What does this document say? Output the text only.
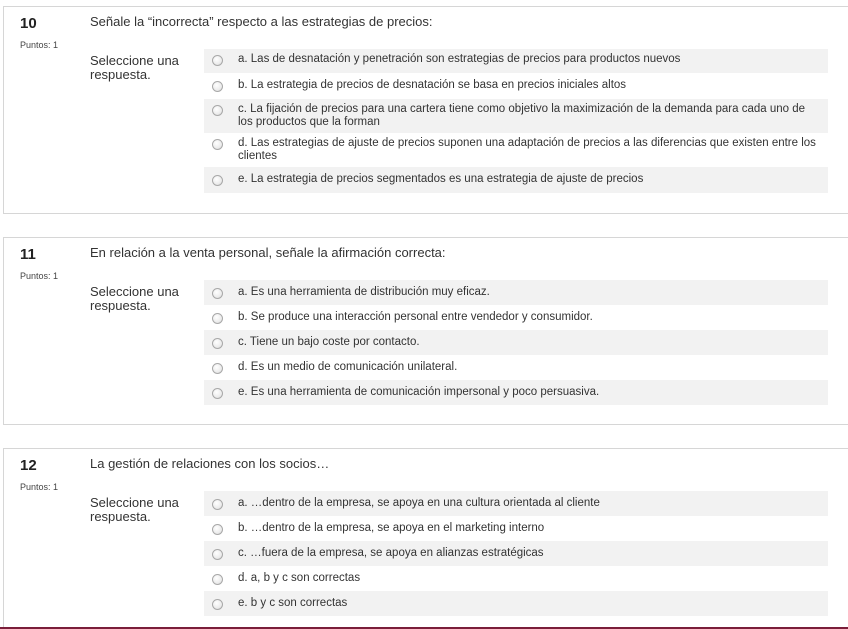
10
Puntos: 1
Señale la “incorrecta” respecto a las estrategias de precios:
Seleccione una respuesta.
a. Las de desnatación y penetración son estrategias de precios para productos nuevos
b. La estrategia de precios de desnatación se basa en precios iniciales altos
c. La fijación de precios para una cartera tiene como objetivo la maximización de la demanda para cada uno de los productos que la forman
d. Las estrategias de ajuste de precios suponen una adaptación de precios a las diferencias que existen entre los clientes
e. La estrategia de precios segmentados es una estrategia de ajuste de precios
11
Puntos: 1
En relación a la venta personal, señale la afirmación correcta:
Seleccione una respuesta.
a. Es una herramienta de distribución muy eficaz.
b. Se produce una interacción personal entre vendedor y consumidor.
c. Tiene un bajo coste por contacto.
d. Es un medio de comunicación unilateral.
e. Es una herramienta de comunicación impersonal y poco persuasiva.
12
Puntos: 1
La gestión de relaciones con los socios…
Seleccione una respuesta.
a. …dentro de la empresa, se apoya en una cultura orientada al cliente
b. …dentro de la empresa, se apoya en el marketing interno
c. …fuera de la empresa, se apoya en alianzas estratégicas
d. a, b y c son correctas
e. b y c son correctas
